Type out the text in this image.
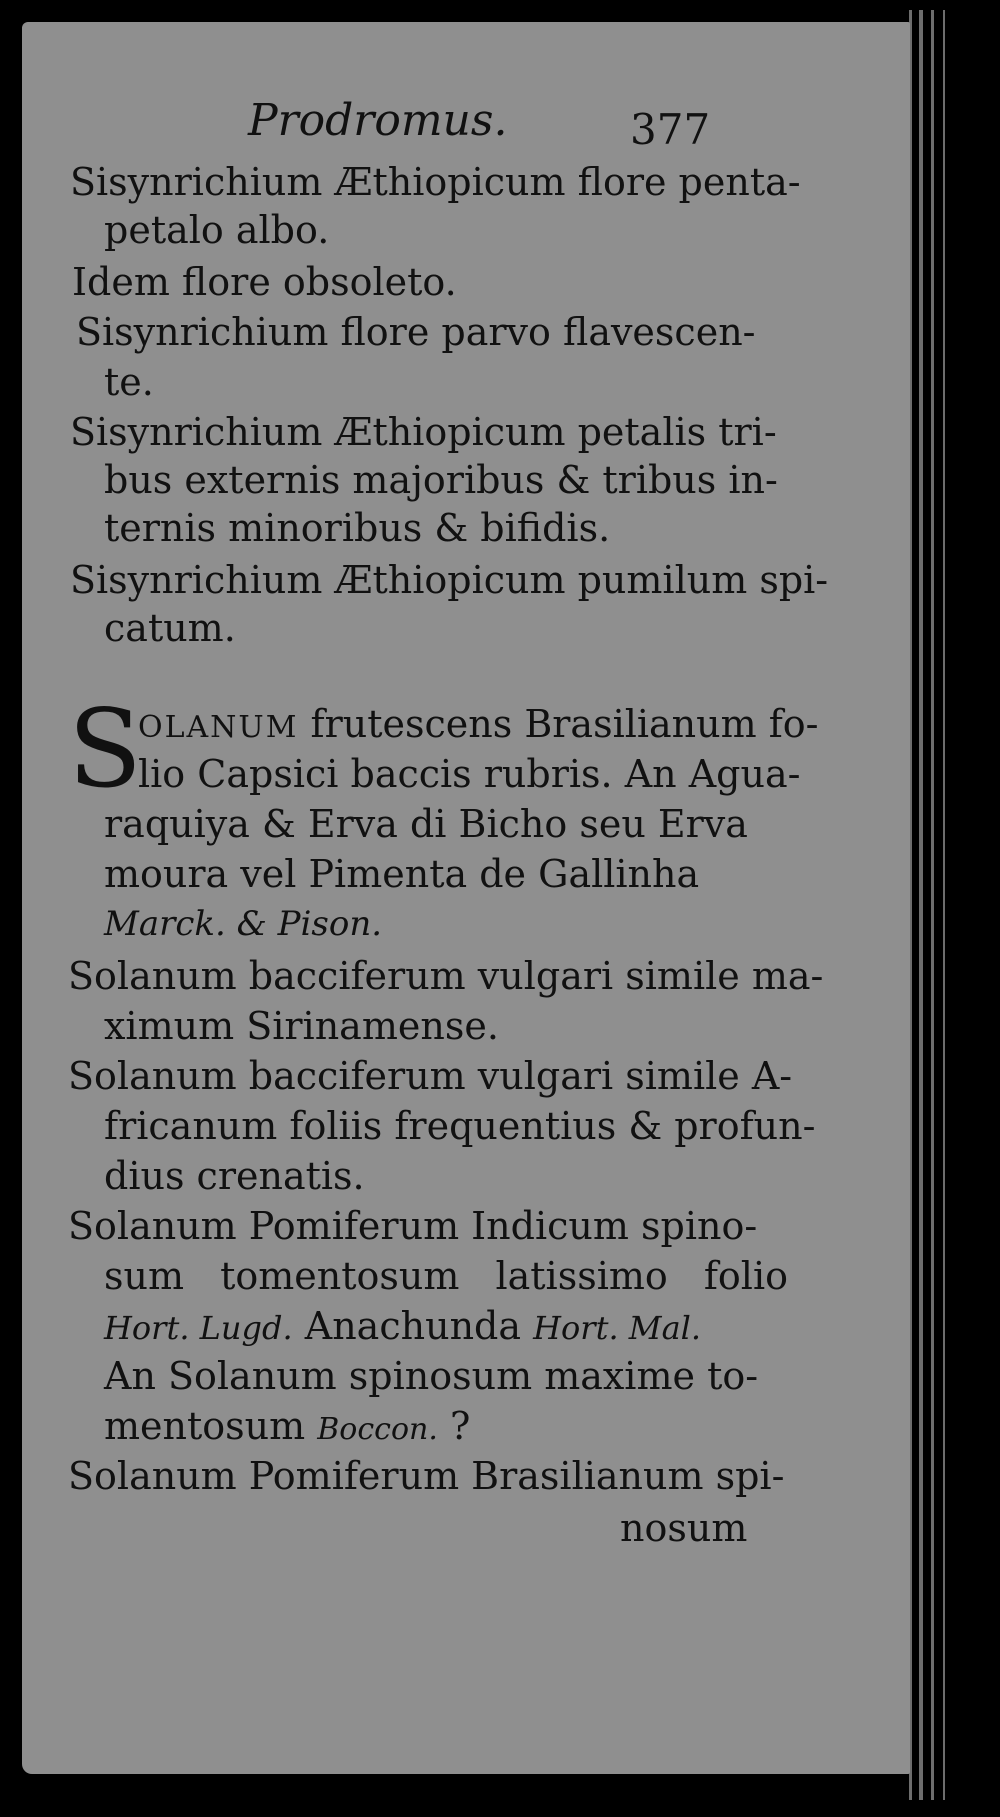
Prodromus.	377
Sisynrichium Æthiopicum flore penta-
petalo albo.
Idem flore obsoleto.
Sisynrichium flore parvo flavescen-
te.
Sisynrichium Æthiopicum petalis tri-
bus externis majoribus & tribus in-
ternis minoribus & bifidis.
Sisynrichium Æthiopicum pumilum spi-
catum.
S
OLANUM frutescens Brasilianum fo-
lio Capsici baccis rubris. An Agua-
raquiya & Erva di Bicho seu Erva
moura vel Pimenta de Gallinha
Marck. & Pison.
Solanum bacciferum vulgari simile ma-
ximum Sirinamense.
Solanum bacciferum vulgari simile A-
fricanum foliis frequentius & profun-
dius crenatis.
Solanum Pomiferum Indicum spino-
sum tomentosum latissimo folio
Hort. Lugd. Anachunda Hort. Mal.
An Solanum spinosum maxime to-
mentosum Boccon. ?
Solanum Pomiferum Brasilianum spi-
nosum
